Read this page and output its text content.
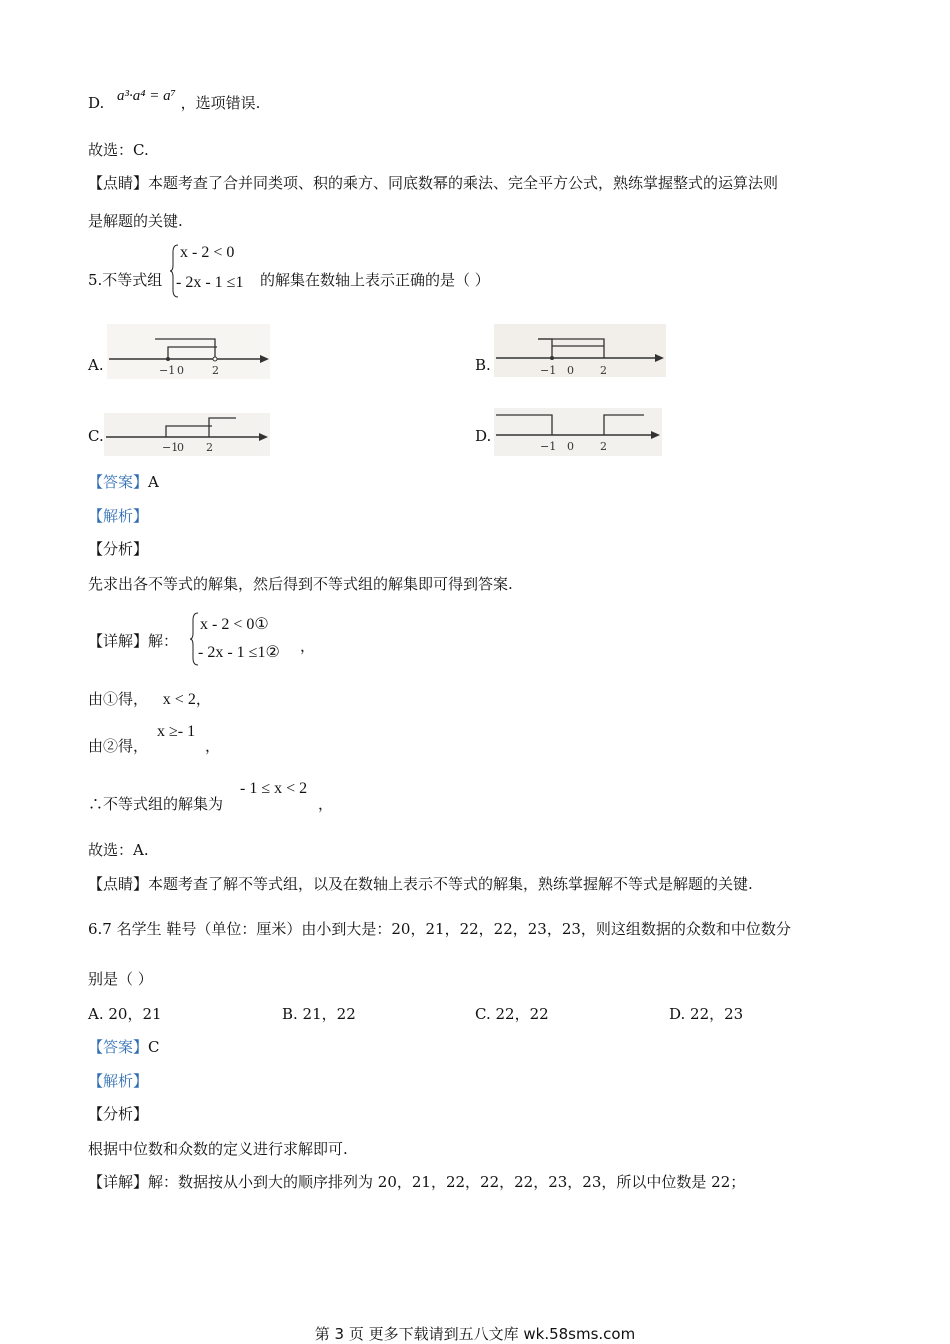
D. a³·a⁴ = a⁷ ，选项错误.
故选：C.
【点睛】本题考查了合并同类项、积的乘方、同底数幂的乘法、完全平方公式，熟练掌握整式的运算法则
是解题的关键.
5.不等式组
x - 2 < 0
- 2x - 1 ≤1 的解集在数轴上表示正确的是（ ）
A.	−1 0	2	B.	−1 0 2
C.
−1
0 2
D.
−1 0 2
【答案】A
【解析】
【分析】
先求出各不等式的解集，然后得到不等式组的解集即可得到答案.
【详解】解：
x - 2 < 0①
- 2x - 1 ≤1② ，
由①得， x < 2，
由②得，
x ≥- 1
，
∴不等式组的解集为
- 1 ≤ x < 2
，
故选：A.
【点睛】本题考查了解不等式组，以及在数轴上表示不等式的解集，熟练掌握解不等式是解题的关键.
6.7 名学生 鞋号（单位：厘米）由小到大是：20，21，22，22，23，23，则这组数据的众数和中位数分
别是（ ）
A. 20，21	B. 21，22	C. 22，22	D. 22，23
【答案】C
【解析】
【分析】
根据中位数和众数的定义进行求解即可.
【详解】解：数据按从小到大的顺序排列为 20，21，22，22，22，23，23，所以中位数是 22；
第 3 页 更多下载请到五八文库 wk.58sms.com
